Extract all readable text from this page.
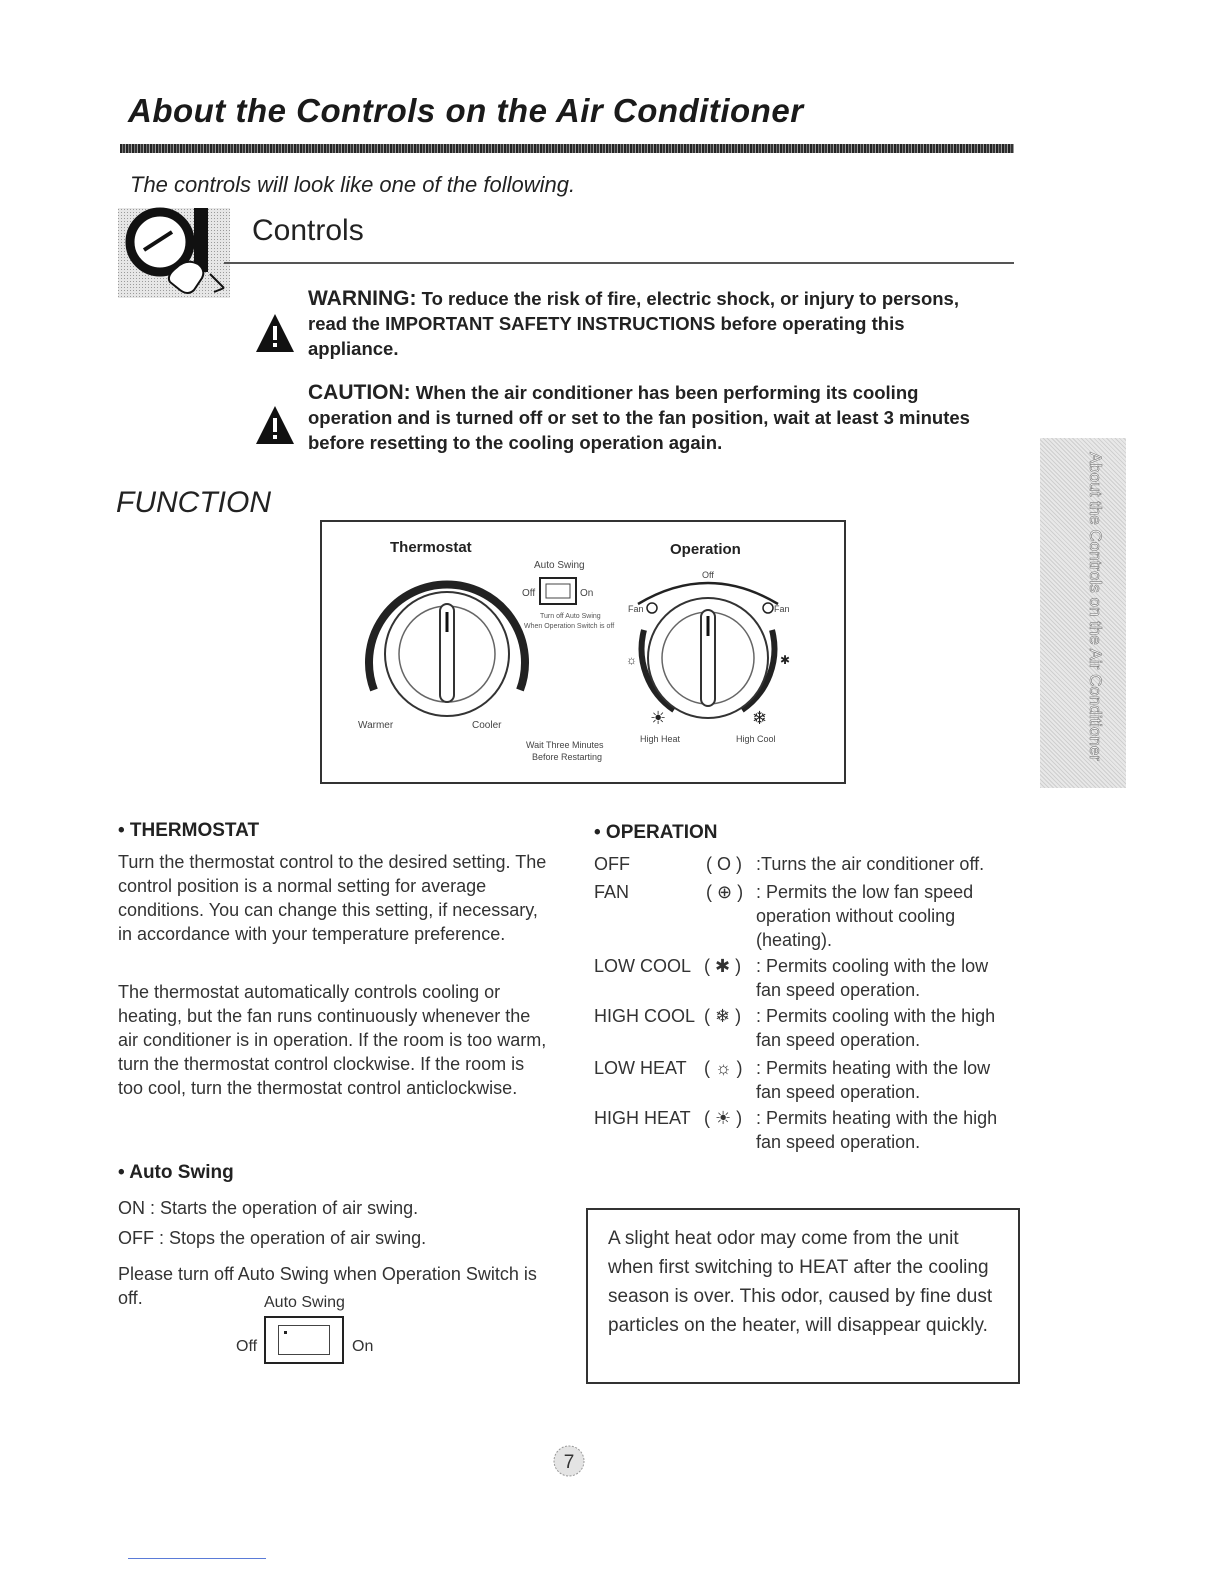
About the Controls on the Air Conditioner
The controls will look like one of the following.
Controls
WARNING: To reduce the risk of fire, electric shock, or injury to persons, read the IMPORTANT SAFETY INSTRUCTIONS before operating this appliance.
CAUTION: When the air conditioner has been performing its cooling operation and is turned off or set to the fan position, wait at least 3 minutes before resetting to the cooling operation again.
FUNCTION
Thermostat
Warmer	Cooler
Auto Swing
Off	On
Turn off Auto Swing
When Operation Switch is off
Wait Three Minutes
Before Restarting
Operation
Off
Fan	Fan
☼	✱
☀	❄
High Heat	High Cool
• THERMOSTAT
Turn the thermostat control to the desired setting. The control position is a normal setting for average conditions. You can change this setting, if necessary, in accordance with your temperature preference.
The thermostat automatically controls cooling or heating, but the fan runs continuously whenever the air conditioner is in operation. If the room is too warm, turn the thermostat control clockwise. If the room is too cool, turn the thermostat control anticlockwise.
• Auto Swing
ON : Starts the operation of air swing.
OFF : Stops the operation of air swing.
Please turn off Auto Swing when Operation Switch is off.	Auto Swing
Off	On
• OPERATION
OFF	( O ) :Turns the air conditioner off.
FAN	( ⊕ ) : Permits the low fan speed operation without cooling (heating).
LOW COOL ( ✱ ) : Permits cooling with the low fan speed operation.
HIGH COOL ( ❄ ) : Permits cooling with the high fan speed operation.
LOW HEAT ( ☼ ) : Permits heating with the low fan speed operation.
HIGH HEAT ( ☀ ) : Permits heating with the high fan speed operation.
A slight heat odor may come from the unit when first switching to HEAT after the cooling season is over. This odor, caused by fine dust particles on the heater, will disappear quickly.
About the Controls on the Air Conditioner
7
